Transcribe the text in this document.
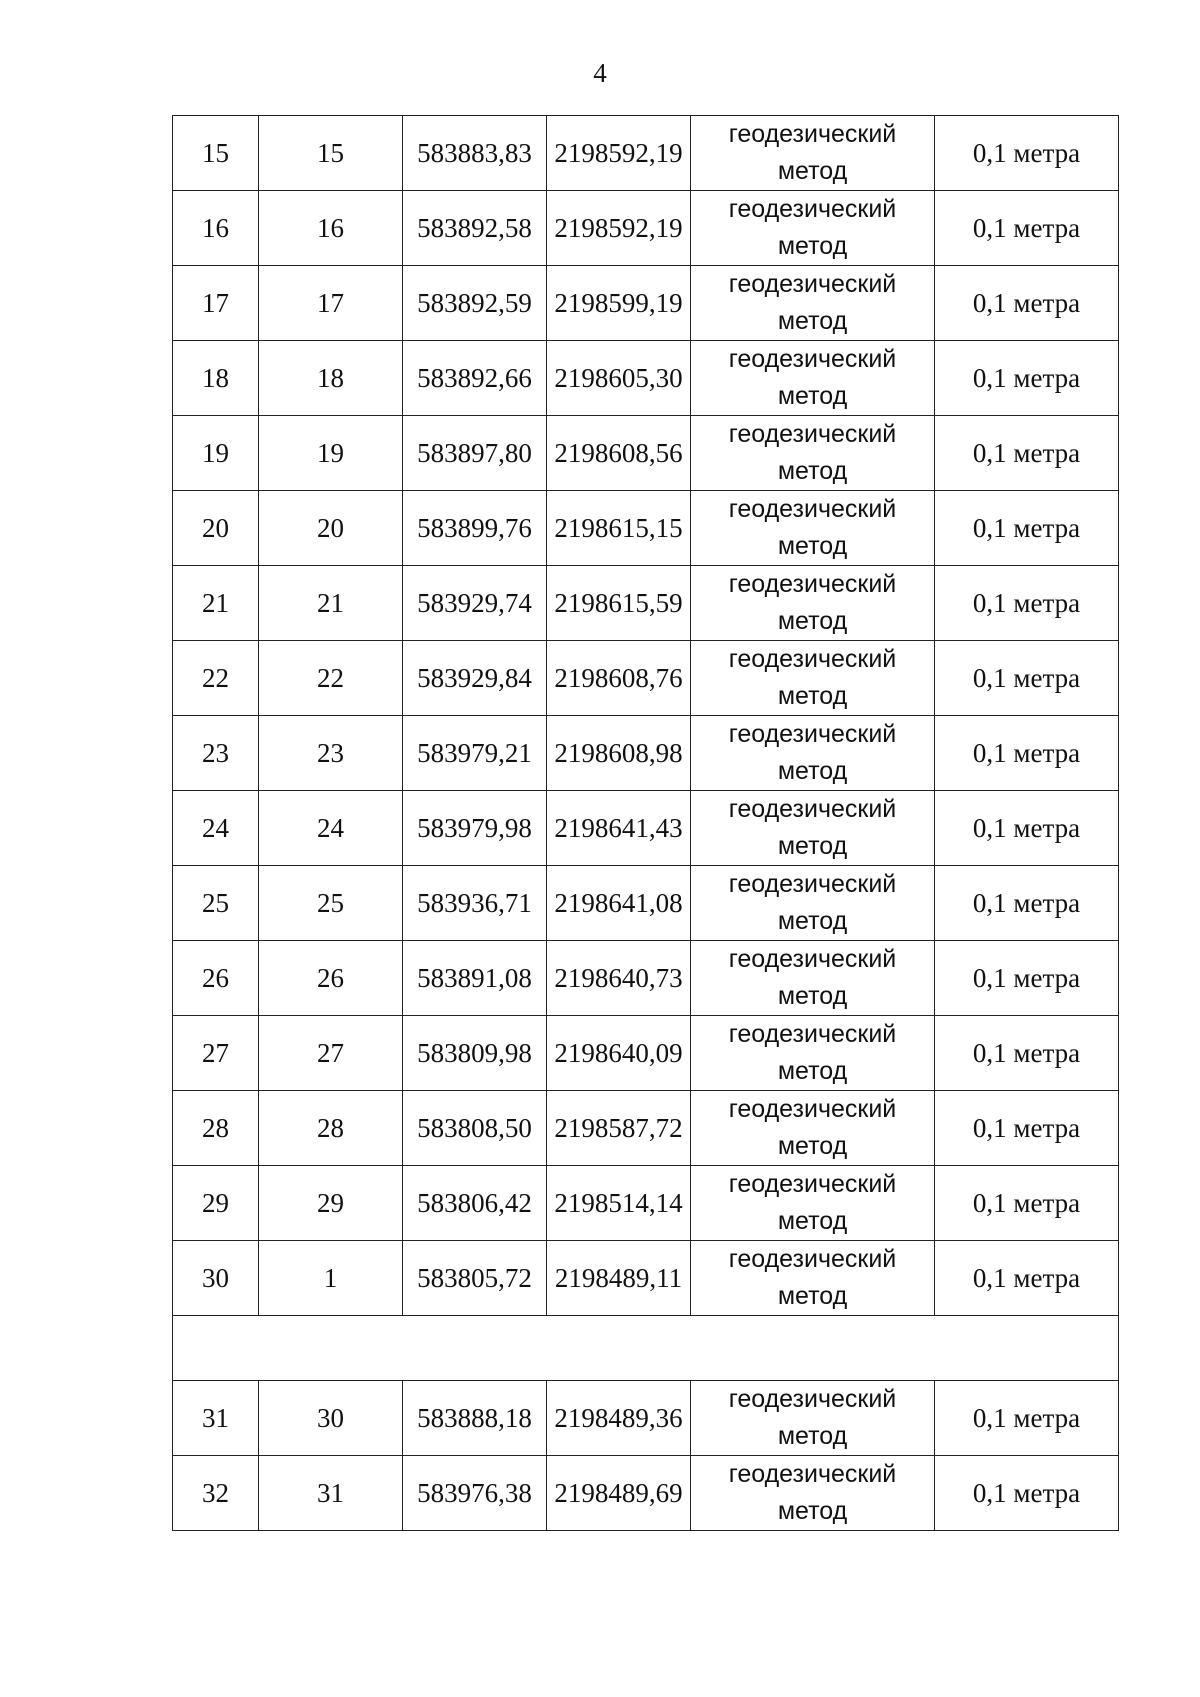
4
15	15	583883,83	2198592,19	геодезический
метод	0,1 метра
16	16	583892,58	2198592,19	геодезический
метод	0,1 метра
17	17	583892,59	2198599,19	геодезический
метод	0,1 метра
18	18	583892,66	2198605,30	геодезический
метод	0,1 метра
19	19	583897,80	2198608,56	геодезический
метод	0,1 метра
20	20	583899,76	2198615,15	геодезический
метод	0,1 метра
21	21	583929,74	2198615,59	геодезический
метод	0,1 метра
22	22	583929,84	2198608,76	геодезический
метод	0,1 метра
23	23	583979,21	2198608,98	геодезический
метод	0,1 метра
24	24	583979,98	2198641,43	геодезический
метод	0,1 метра
25	25	583936,71	2198641,08	геодезический
метод	0,1 метра
26	26	583891,08	2198640,73	геодезический
метод	0,1 метра
27	27	583809,98	2198640,09	геодезический
метод	0,1 метра
28	28	583808,50	2198587,72	геодезический
метод	0,1 метра
29	29	583806,42	2198514,14	геодезический
метод	0,1 метра
30	1	583805,72	2198489,11	геодезический
метод	0,1 метра

31	30	583888,18	2198489,36	геодезический
метод	0,1 метра
32	31	583976,38	2198489,69	геодезический
метод	0,1 метра
